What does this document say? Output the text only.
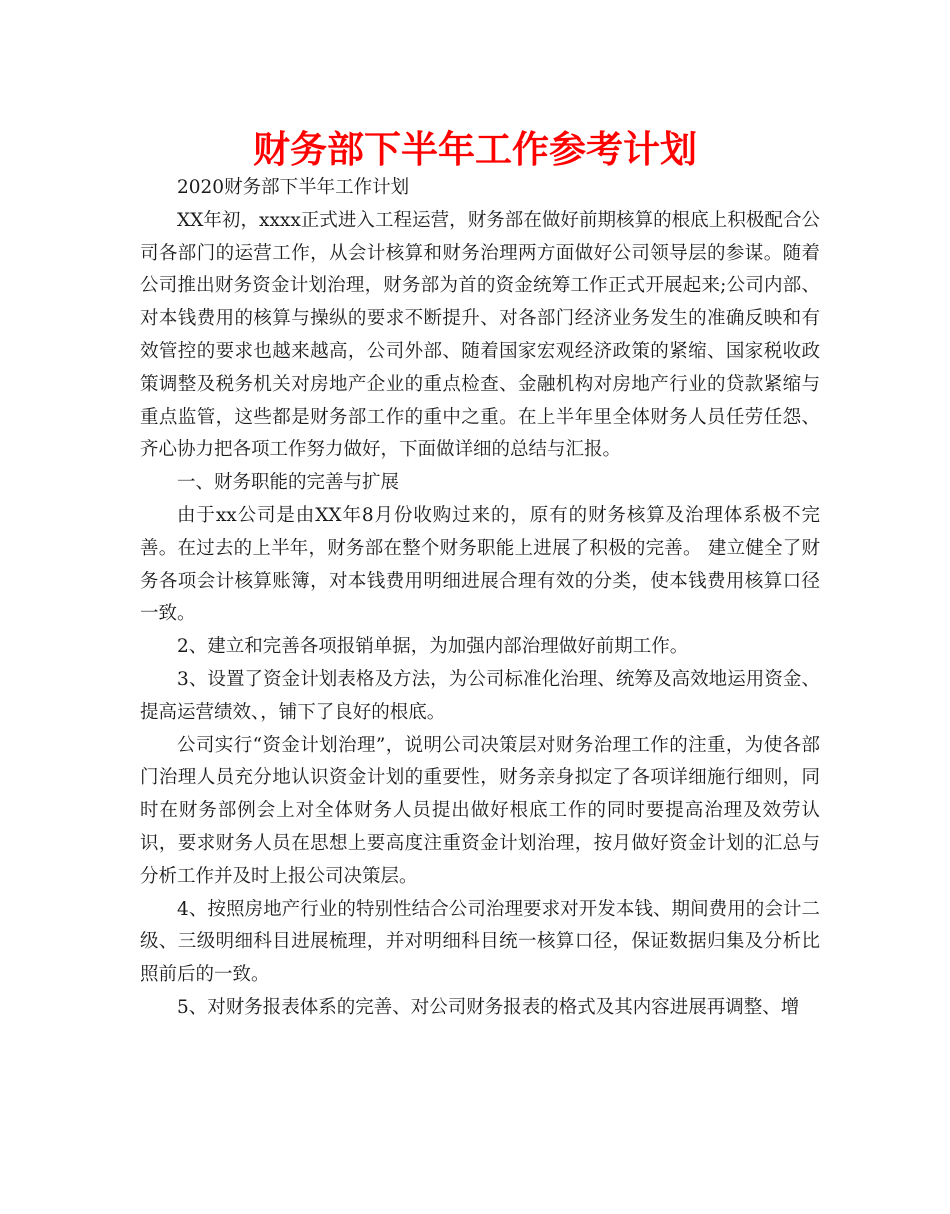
财务部下半年工作参考计划

2020财务部下半年工作计划

XX年初，xxxx正式进入工程运营，财务部在做好前期核算的根底上积极配合公司各部门的运营工作，从会计核算和财务治理两方面做好公司领导层的参谋。随着公司推出财务资金计划治理，财务部为首的资金统筹工作正式开展起来;公司内部、对本钱费用的核算与操纵的要求不断提升、对各部门经济业务发生的准确反映和有效管控的要求也越来越高，公司外部、随着国家宏观经济政策的紧缩、国家税收政策调整及税务机关对房地产企业的重点检查、金融机构对房地产行业的贷款紧缩与重点监管，这些都是财务部工作的重中之重。在上半年里全体财务人员任劳任怨、齐心协力把各项工作努力做好，下面做详细的总结与汇报。

一、财务职能的完善与扩展

由于xx公司是由XX年8月份收购过来的，原有的财务核算及治理体系极不完善。在过去的上半年，财务部在整个财务职能上进展了积极的完善。 建立健全了财务各项会计核算账簿，对本钱费用明细进展合理有效的分类，使本钱费用核算口径一致。

2、建立和完善各项报销单据，为加强内部治理做好前期工作。

3、设置了资金计划表格及方法，为公司标准化治理、统筹及高效地运用资金、提高运营绩效、，铺下了良好的根底。

公司实行“资金计划治理”，说明公司决策层对财务治理工作的注重，为使各部门治理人员充分地认识资金计划的重要性，财务亲身拟定了各项详细施行细则，同时在财务部例会上对全体财务人员提出做好根底工作的同时要提高治理及效劳认识，要求财务人员在思想上要高度注重资金计划治理，按月做好资金计划的汇总与分析工作并及时上报公司决策层。

4、按照房地产行业的特别性结合公司治理要求对开发本钱、期间费用的会计二级、三级明细科目进展梳理，并对明细科目统一核算口径，保证数据归集及分析比照前后的一致。

5、对财务报表体系的完善、对公司财务报表的格式及其内容进展再调整、增
